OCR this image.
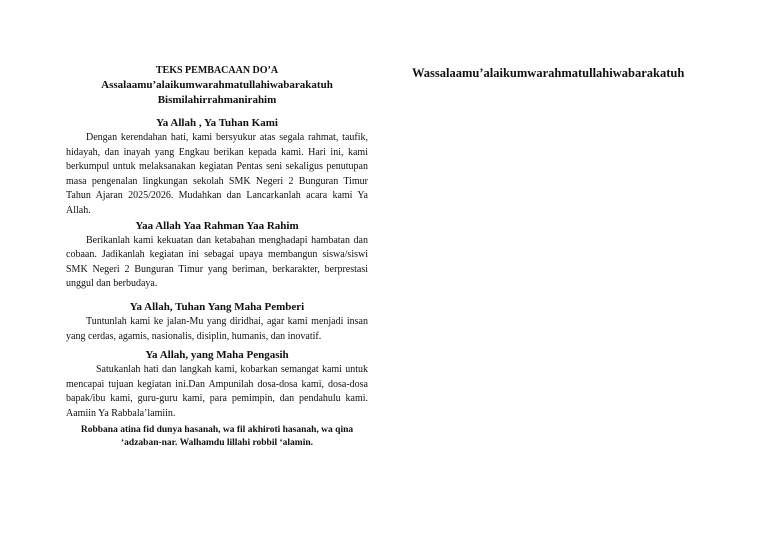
TEKS PEMBACAAN DO’A
Assalaamu’alaikumwarahmatullahiwabarakatuh
Bismilahirrahmanirahim
Ya Allah , Ya Tuhan Kami

Dengan kerendahan hati, kami bersyukur atas segala rahmat, taufik, hidayah, dan inayah yang Engkau berikan kepada kami. Hari ini, kami berkumpul untuk melaksanakan kegiatan Pentas seni sekaligus penutupan masa pengenalan lingkungan sekolah SMK Negeri 2 Bunguran Timur Tahun Ajaran 2025/2026. Mudahkan dan Lancarkanlah acara kami Ya Allah.

Yaa Allah Yaa Rahman Yaa Rahim

Berikanlah kami kekuatan dan ketabahan menghadapi hambatan dan cobaan. Jadikanlah kegiatan ini sebagai upaya membangun siswa/siswi SMK Negeri 2 Bunguran Timur yang beriman, berkarakter, berprestasi unggul dan berbudaya.

Ya Allah, Tuhan Yang Maha Pemberi

Tuntunlah kami ke jalan-Mu yang diridhai, agar kami menjadi insan yang cerdas, agamis, nasionalis, disiplin, humanis, dan inovatif.

Ya Allah, yang Maha Pengasih

Satukanlah hati dan langkah kami, kobarkan semangat kami untuk mencapai tujuan kegiatan ini.Dan Ampunilah dosa-dosa kami, dosa-dosa bapak/ibu kami, guru-guru kami, para pemimpin, dan pendahulu kami. Aamiin Ya Rabbala’lamiin.

Robbana atina fid dunya hasanah, wa fil akhiroti hasanah, wa qina
‘adzaban-nar. Walhamdu lillahi robbil ‘alamin.
Wassalaamu’alaikumwarahmatullahiwabarakatuh
